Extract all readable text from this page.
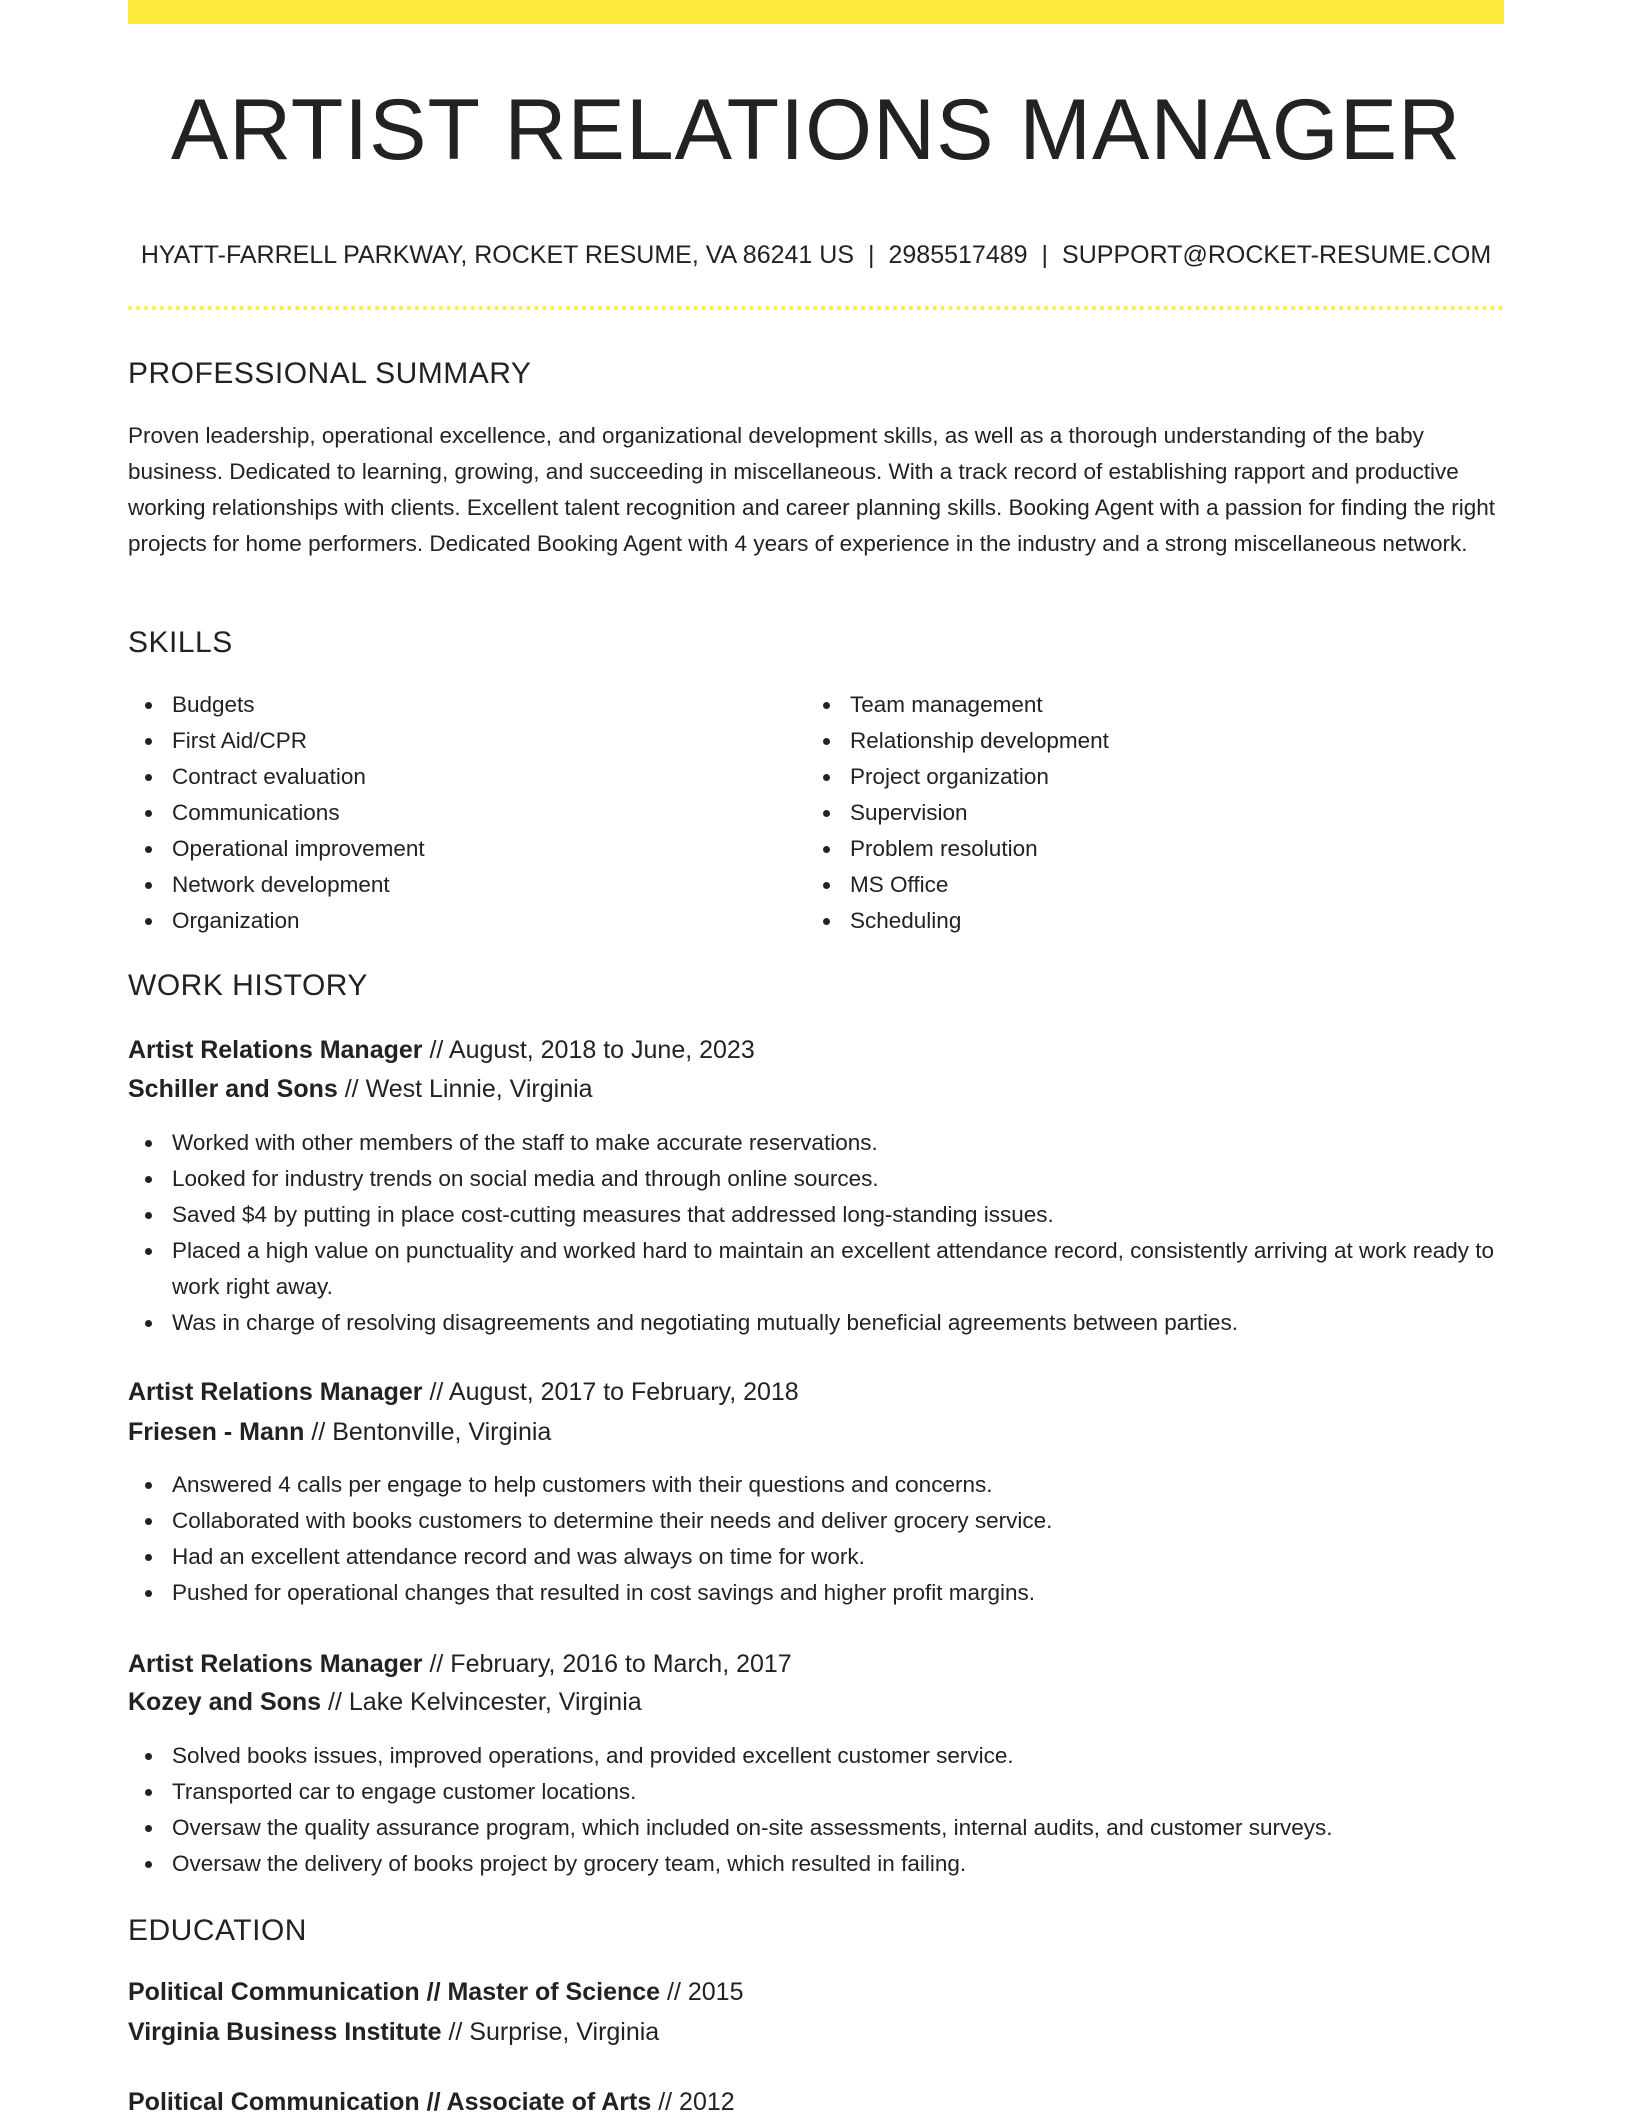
ARTIST RELATIONS MANAGER
HYATT-FARRELL PARKWAY, ROCKET RESUME, VA 86241 US | 2985517489 | SUPPORT@ROCKET-RESUME.COM
PROFESSIONAL SUMMARY

Proven leadership, operational excellence, and organizational development skills, as well as a thorough understanding of the baby business. Dedicated to learning, growing, and succeeding in miscellaneous. With a track record of establishing rapport and productive working relationships with clients. Excellent talent recognition and career planning skills. Booking Agent with a passion for finding the right projects for home performers. Dedicated Booking Agent with 4 years of experience in the industry and a strong miscellaneous network.

SKILLS
Budgets
First Aid/CPR
Contract evaluation
Communications
Operational improvement
Network development
Organization
Team management
Relationship development
Project organization
Supervision
Problem resolution
MS Office
Scheduling
WORK HISTORY
Artist Relations Manager // August, 2018 to June, 2023
Schiller and Sons // West Linnie, Virginia
Worked with other members of the staff to make accurate reservations.
Looked for industry trends on social media and through online sources.
Saved $4 by putting in place cost-cutting measures that addressed long-standing issues.
Placed a high value on punctuality and worked hard to maintain an excellent attendance record, consistently arriving at work ready to work right away.
Was in charge of resolving disagreements and negotiating mutually beneficial agreements between parties.
Artist Relations Manager // August, 2017 to February, 2018
Friesen - Mann // Bentonville, Virginia
Answered 4 calls per engage to help customers with their questions and concerns.
Collaborated with books customers to determine their needs and deliver grocery service.
Had an excellent attendance record and was always on time for work.
Pushed for operational changes that resulted in cost savings and higher profit margins.
Artist Relations Manager // February, 2016 to March, 2017
Kozey and Sons // Lake Kelvincester, Virginia
Solved books issues, improved operations, and provided excellent customer service.
Transported car to engage customer locations.
Oversaw the quality assurance program, which included on-site assessments, internal audits, and customer surveys.
Oversaw the delivery of books project by grocery team, which resulted in failing.
EDUCATION
Political Communication // Master of Science // 2015
Virginia Business Institute // Surprise, Virginia
Political Communication // Associate of Arts // 2012
